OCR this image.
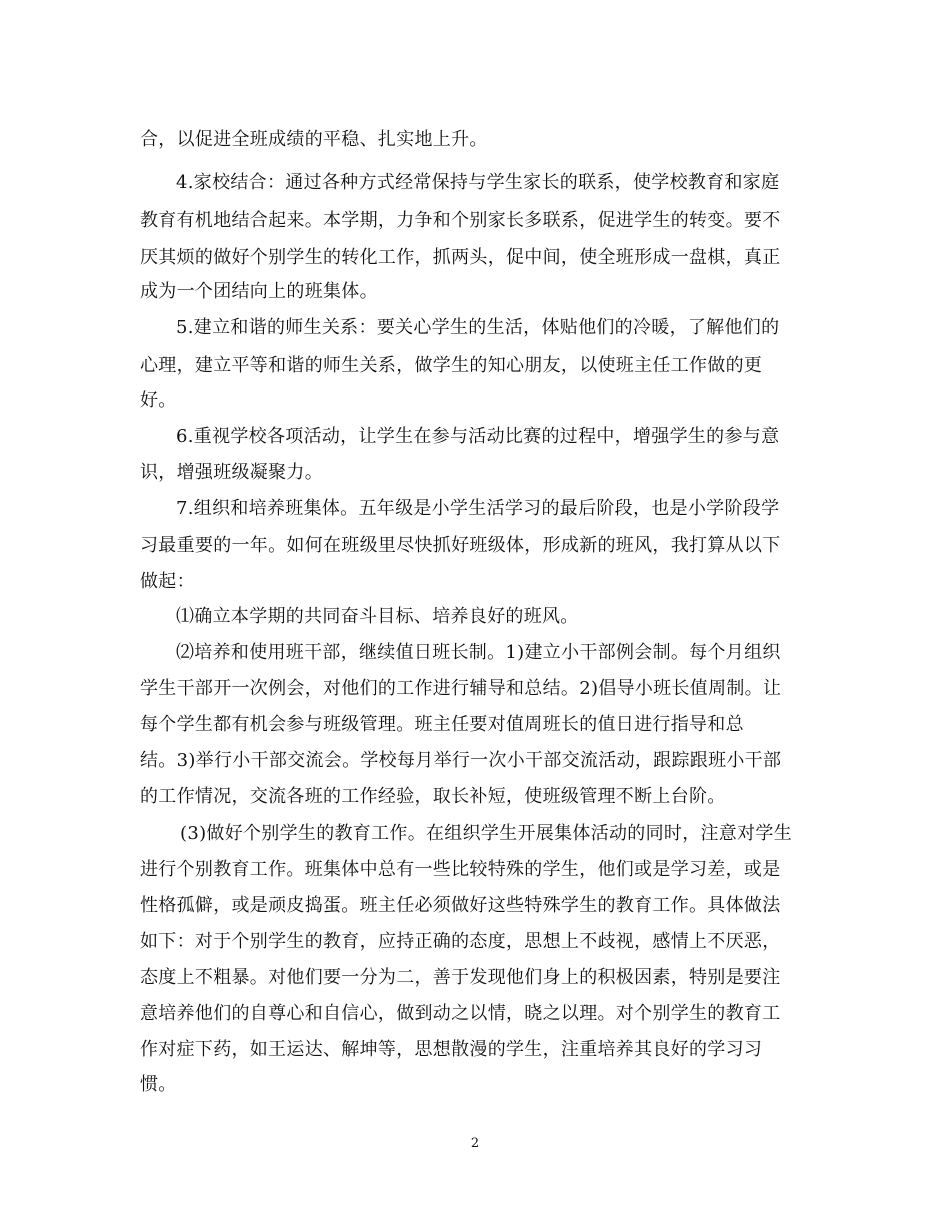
合，以促进全班成绩的平稳、扎实地上升。
4.家校结合：通过各种方式经常保持与学生家长的联系，使学校教育和家庭
教育有机地结合起来。本学期，力争和个别家长多联系，促进学生的转变。要不
厌其烦的做好个别学生的转化工作，抓两头，促中间，使全班形成一盘棋，真正
成为一个团结向上的班集体。
5.建立和谐的师生关系：要关心学生的生活，体贴他们的冷暖，了解他们的
心理，建立平等和谐的师生关系，做学生的知心朋友，以使班主任工作做的更
好。
6.重视学校各项活动，让学生在参与活动比赛的过程中，增强学生的参与意
识，增强班级凝聚力。
7.组织和培养班集体。五年级是小学生活学习的最后阶段，也是小学阶段学
习最重要的一年。如何在班级里尽快抓好班级体，形成新的班风，我打算从以下
做起：
⑴确立本学期的共同奋斗目标、培养良好的班风。
⑵培养和使用班干部，继续值日班长制。1)建立小干部例会制。每个月组织
学生干部开一次例会，对他们的工作进行辅导和总结。2)倡导小班长值周制。让
每个学生都有机会参与班级管理。班主任要对值周班长的值日进行指导和总
结。3)举行小干部交流会。学校每月举行一次小干部交流活动，跟踪跟班小干部
的工作情况，交流各班的工作经验，取长补短，使班级管理不断上台阶。
(3)做好个别学生的教育工作。在组织学生开展集体活动的同时，注意对学生
进行个别教育工作。班集体中总有一些比较特殊的学生，他们或是学习差，或是
性格孤僻，或是顽皮捣蛋。班主任必须做好这些特殊学生的教育工作。具体做法
如下：对于个别学生的教育，应持正确的态度，思想上不歧视，感情上不厌恶，
态度上不粗暴。对他们要一分为二，善于发现他们身上的积极因素，特别是要注
意培养他们的自尊心和自信心，做到动之以情，晓之以理。对个别学生的教育工
作对症下药，如王运达、解坤等，思想散漫的学生，注重培养其良好的学习习
惯。
2
